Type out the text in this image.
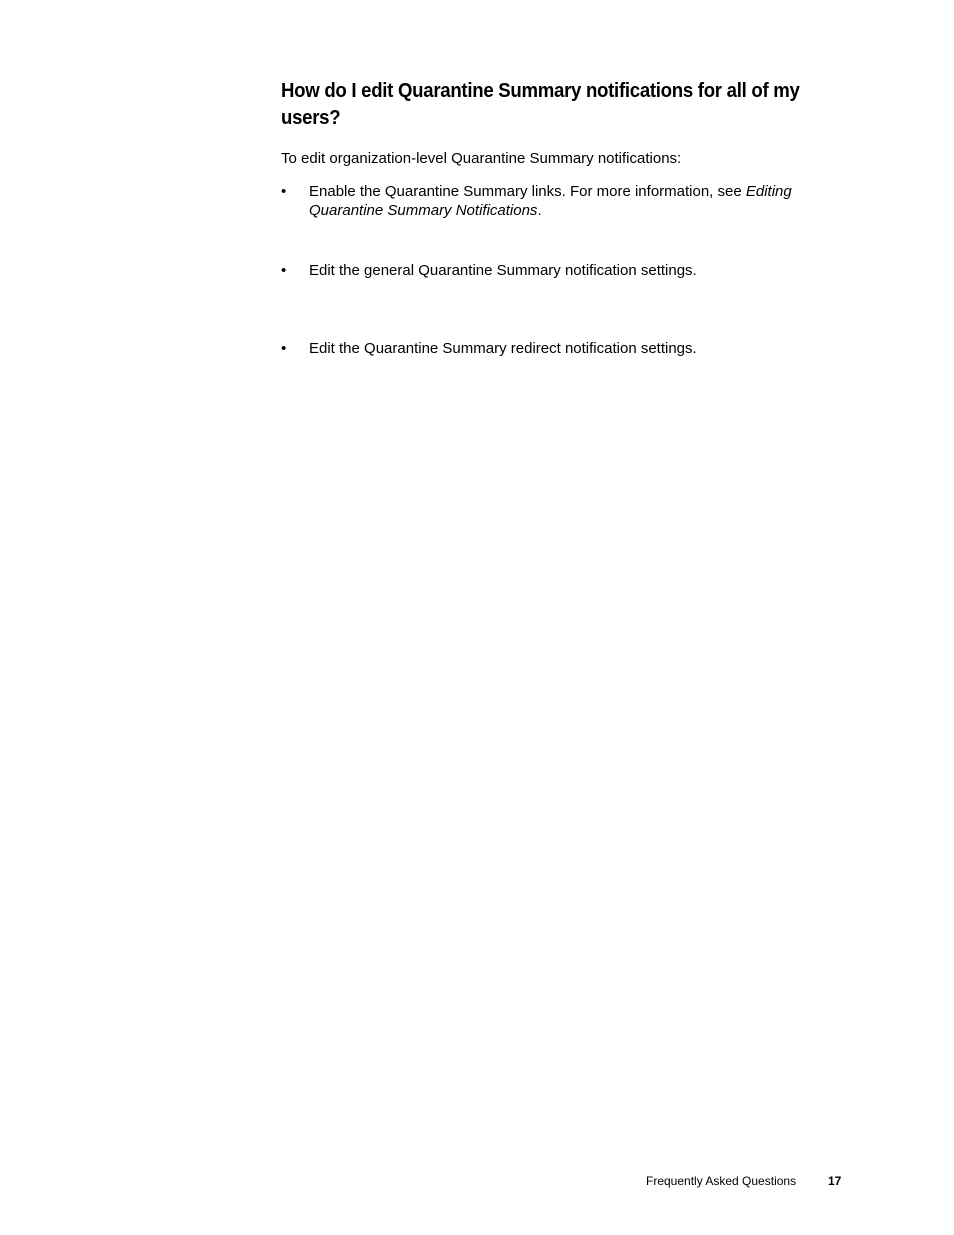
How do I edit Quarantine Summary notifications for all of my users?

To edit organization-level Quarantine Summary notifications:

• Enable the Quarantine Summary links. For more information, see Editing Quarantine Summary Notifications.
• Edit the general Quarantine Summary notification settings.
• Edit the Quarantine Summary redirect notification settings.
Frequently Asked Questions	17
